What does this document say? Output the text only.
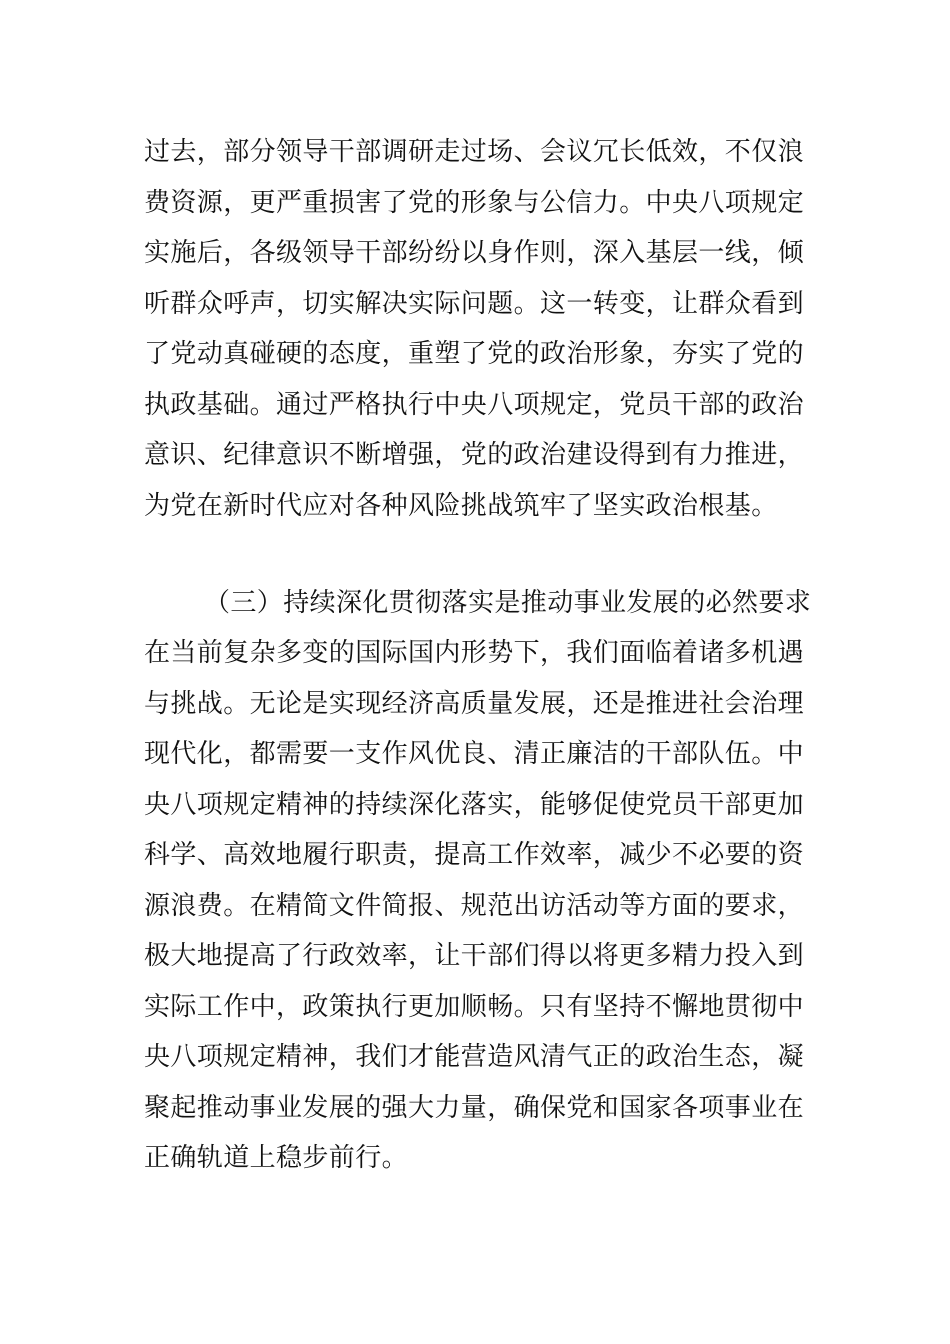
过去，部分领导干部调研走过场、会议冗长低效，不仅浪
费资源，更严重损害了党的形象与公信力。中央八项规定
实施后，各级领导干部纷纷以身作则，深入基层一线，倾
听群众呼声，切实解决实际问题。这一转变，让群众看到
了党动真碰硬的态度，重塑了党的政治形象，夯实了党的
执政基础。通过严格执行中央八项规定，党员干部的政治
意识、纪律意识不断增强，党的政治建设得到有力推进，
为党在新时代应对各种风险挑战筑牢了坚实政治根基。
（三）持续深化贯彻落实是推动事业发展的必然要求
在当前复杂多变的国际国内形势下，我们面临着诸多机遇
与挑战。无论是实现经济高质量发展，还是推进社会治理
现代化，都需要一支作风优良、清正廉洁的干部队伍。中
央八项规定精神的持续深化落实，能够促使党员干部更加
科学、高效地履行职责，提高工作效率，减少不必要的资
源浪费。在精简文件简报、规范出访活动等方面的要求，
极大地提高了行政效率，让干部们得以将更多精力投入到
实际工作中，政策执行更加顺畅。只有坚持不懈地贯彻中
央八项规定精神，我们才能营造风清气正的政治生态，凝
聚起推动事业发展的强大力量，确保党和国家各项事业在
正确轨道上稳步前行。
